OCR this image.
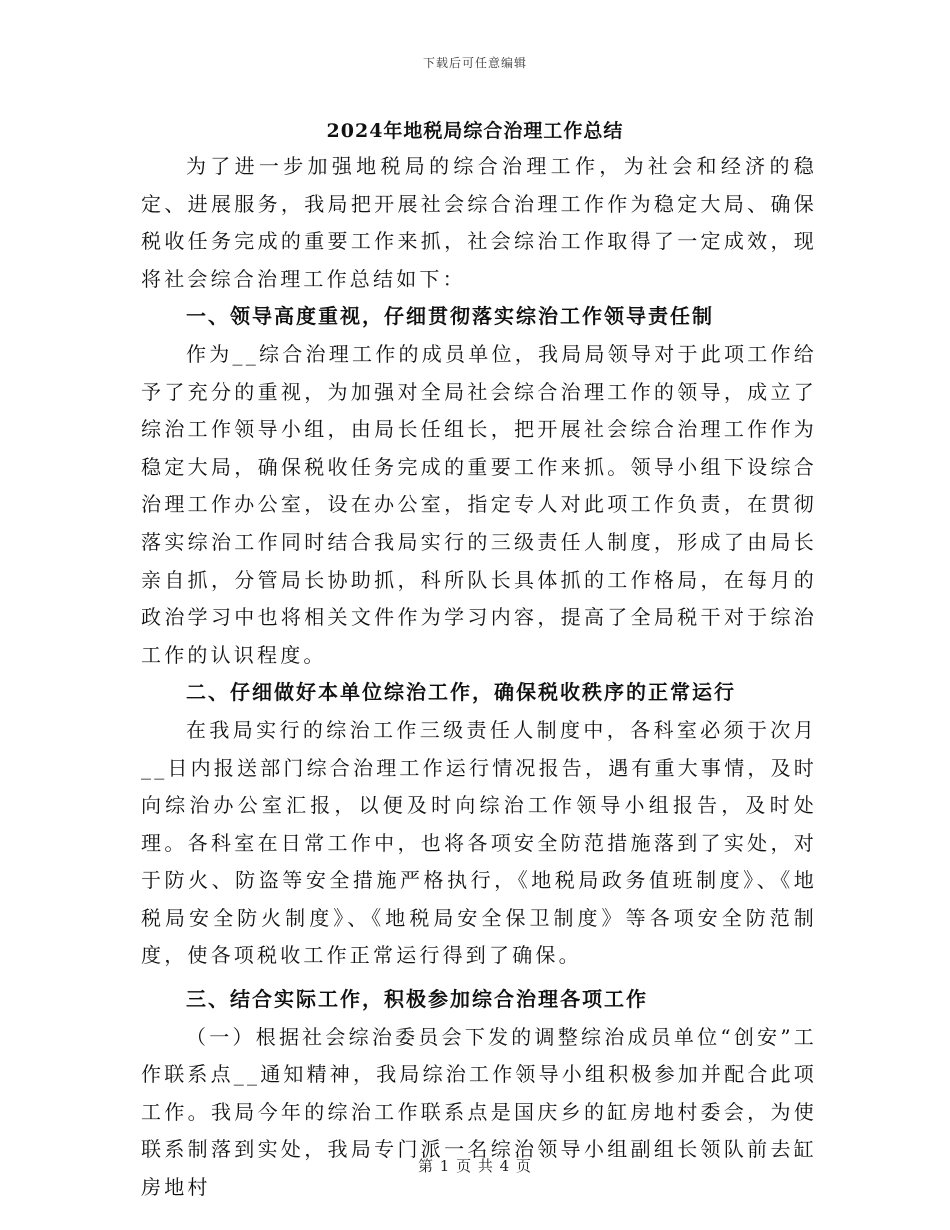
下载后可任意编辑
2024年地税局综合治理工作总结

为了进一步加强地税局的综合治理工作，为社会和经济的稳定、进展服务，我局把开展社会综合治理工作作为稳定大局、确保税收任务完成的重要工作来抓，社会综治工作取得了一定成效，现将社会综合治理工作总结如下：

一、领导高度重视，仔细贯彻落实综治工作领导责任制

作为__综合治理工作的成员单位，我局局领导对于此项工作给予了充分的重视，为加强对全局社会综合治理工作的领导，成立了综治工作领导小组，由局长任组长，把开展社会综合治理工作作为稳定大局，确保税收任务完成的重要工作来抓。领导小组下设综合治理工作办公室，设在办公室，指定专人对此项工作负责，在贯彻落实综治工作同时结合我局实行的三级责任人制度，形成了由局长亲自抓，分管局长协助抓，科所队长具体抓的工作格局，在每月的政治学习中也将相关文件作为学习内容，提高了全局税干对于综治工作的认识程度。

二、仔细做好本单位综治工作，确保税收秩序的正常运行

在我局实行的综治工作三级责任人制度中，各科室必须于次月__日内报送部门综合治理工作运行情况报告，遇有重大事情，及时向综治办公室汇报，以便及时向综治工作领导小组报告，及时处理。各科室在日常工作中，也将各项安全防范措施落到了实处，对于防火、防盗等安全措施严格执行，《地税局政务值班制度》、《地税局安全防火制度》、《地税局安全保卫制度》等各项安全防范制度，使各项税收工作正常运行得到了确保。

三、结合实际工作，积极参加综合治理各项工作

（一）根据社会综治委员会下发的调整综治成员单位“创安”工作联系点__通知精神，我局综治工作领导小组积极参加并配合此项工作。我局今年的综治工作联系点是国庆乡的缸房地村委会，为使联系制落到实处，我局专门派一名综治领导小组副组长领队前去缸房地村

第 1 页 共 4 页
